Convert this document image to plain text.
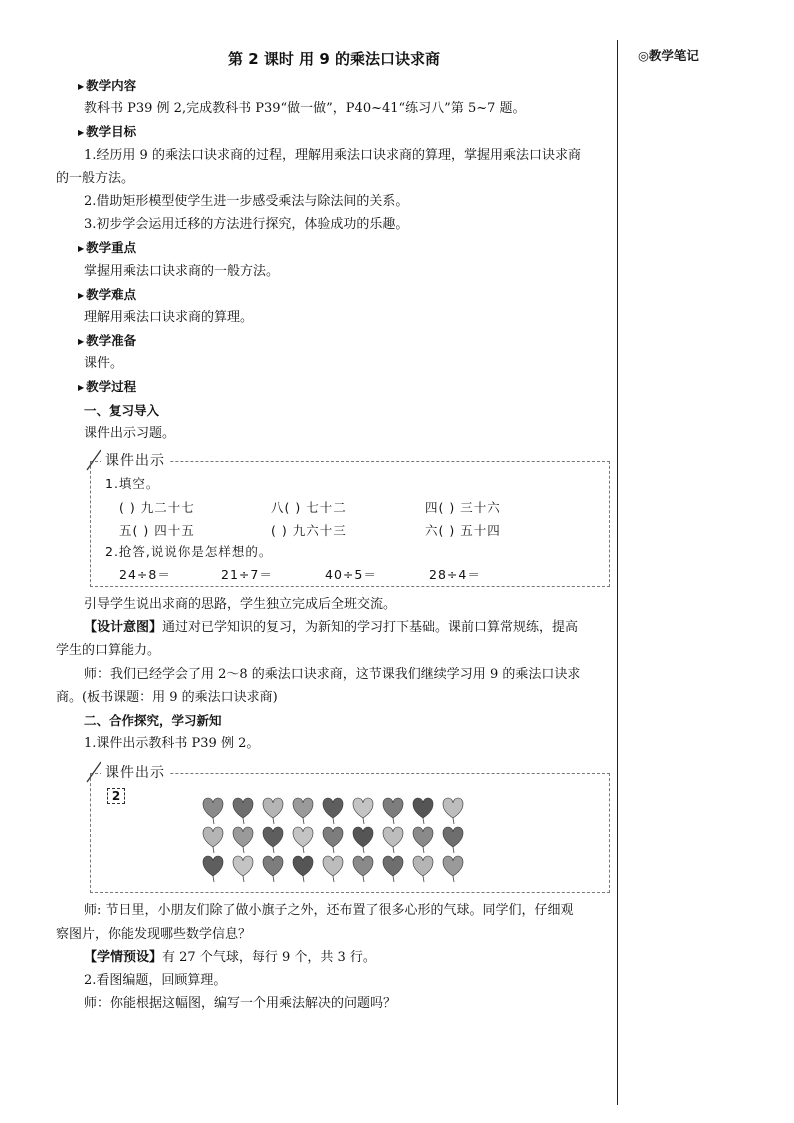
◎教学笔记
第 2 课时 用 9 的乘法口诀求商
▶ 教学内容
教科书 P39 例 2,完成教科书 P39“做一做”，P40~41“练习八”第 5~7 题。
▶ 教学目标
1.经历用 9 的乘法口诀求商的过程，理解用乘法口诀求商的算理，掌握用乘法口诀求商
的一般方法。
2.借助矩形模型使学生进一步感受乘法与除法间的关系。
3.初步学会运用迁移的方法进行探究，体验成功的乐趣。
▶ 教学重点
掌握用乘法口诀求商的一般方法。
▶ 教学难点
理解用乘法口诀求商的算理。
▶ 教学准备
课件。
▶ 教学过程
一、复习导入
课件出示习题。
课件出示
1.填空。
( ) 九二十七	八( ) 七十二	四( ) 三十六
五( ) 四十五	( ) 九六十三	六( ) 五十四
2.抢答,说说你是怎样想的。
24÷8＝	21÷7＝	40÷5＝	28÷4＝
引导学生说出求商的思路，学生独立完成后全班交流。
【设计意图】通过对已学知识的复习，为新知的学习打下基础。课前口算常规练，提高
学生的口算能力。
师：我们已经学会了用 2～8 的乘法口诀求商，这节课我们继续学习用 9 的乘法口诀求
商。(板书课题：用 9 的乘法口诀求商)
二、合作探究，学习新知
1.课件出示教科书 P39 例 2。
课件出示
2
师: 节日里，小朋友们除了做小旗子之外，还布置了很多心形的气球。同学们，仔细观
察图片，你能发现哪些数学信息？
【学情预设】有 27 个气球，每行 9 个，共 3 行。
2.看图编题，回顾算理。
师：你能根据这幅图，编写一个用乘法解决的问题吗？
